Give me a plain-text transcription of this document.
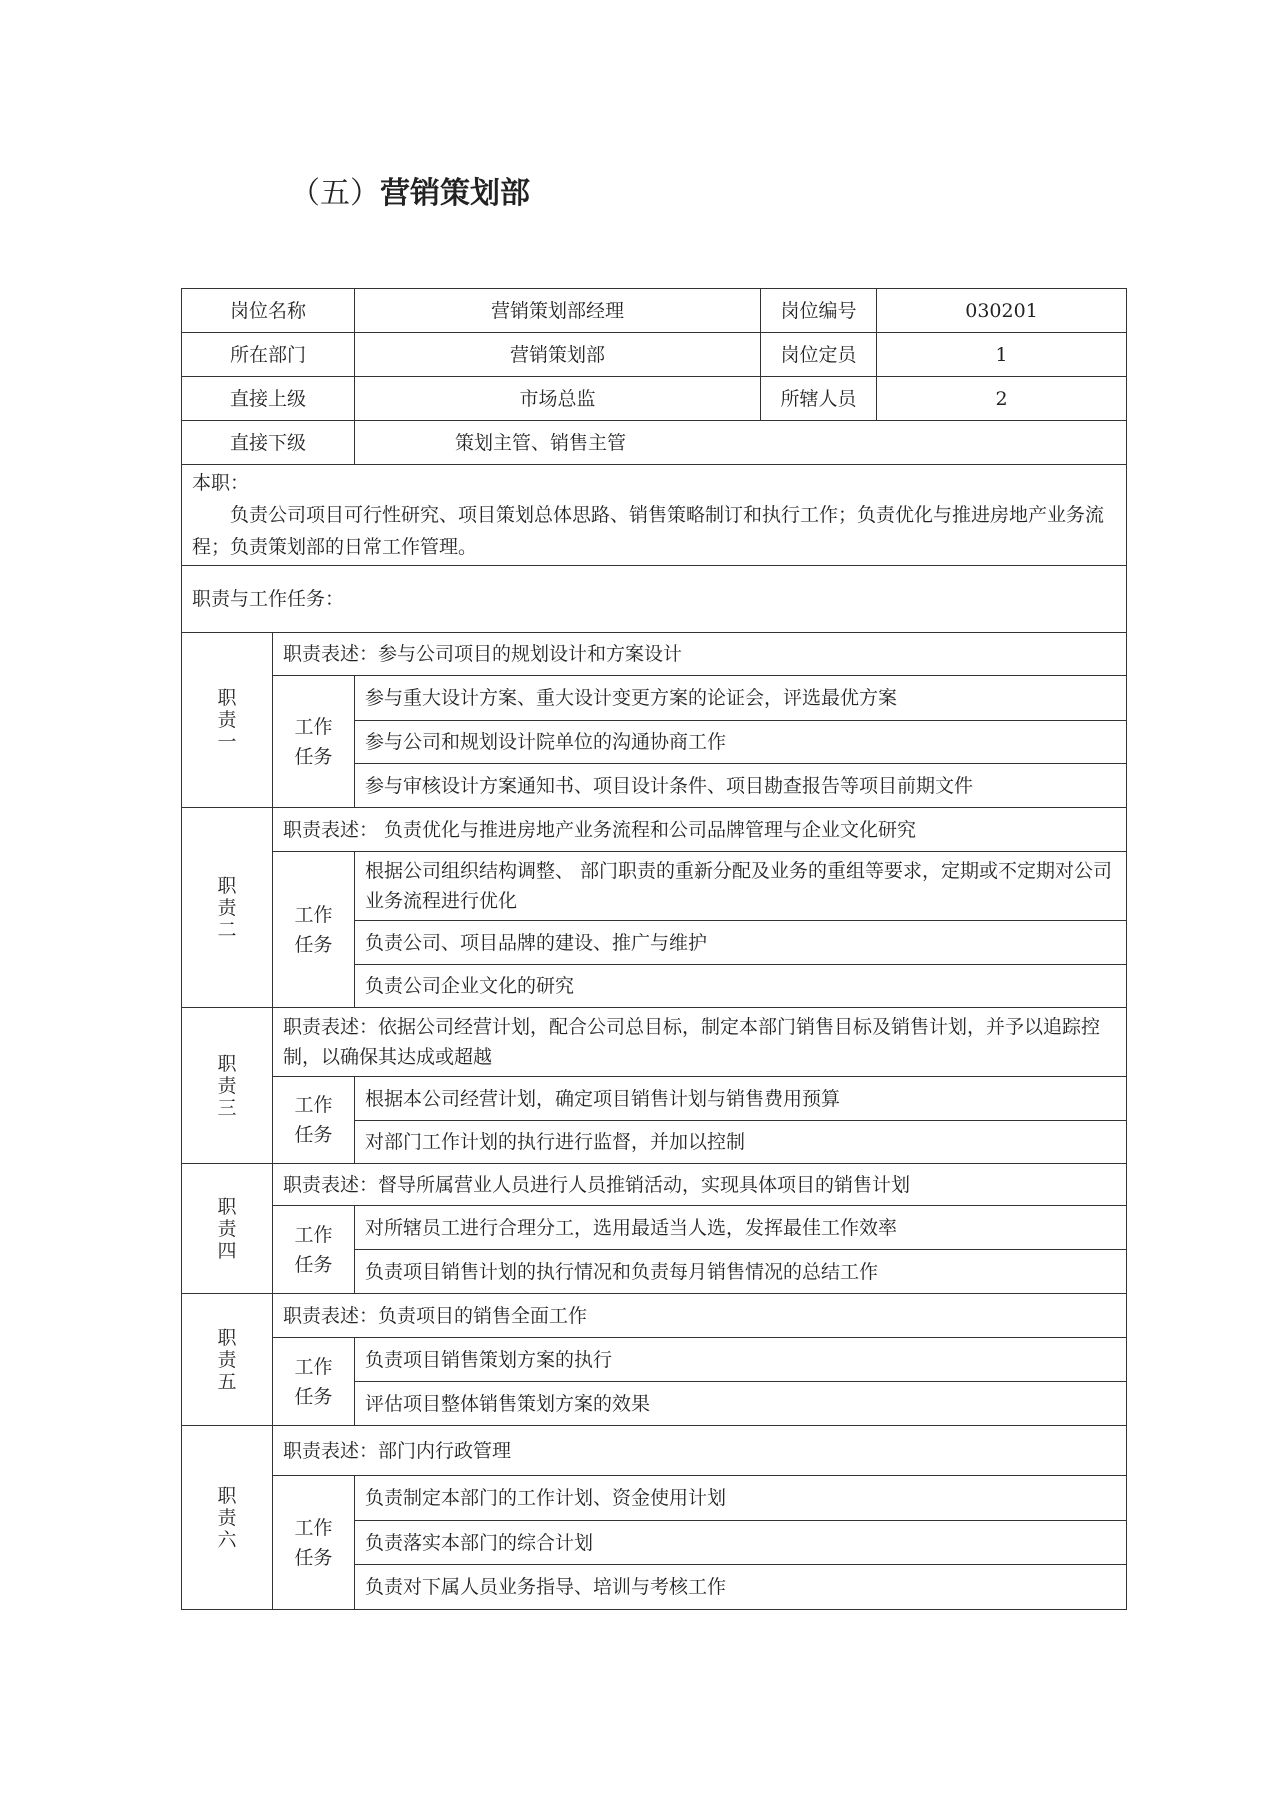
（五）营销策划部
岗位名称		营销策划部经理	岗位编号	030201
所在部门		营销策划部	岗位定员	1
直接上级		市场总监	所辖人员	2
直接下级		策划主管、销售主管		

本职：
负责公司项目可行性研究、项目策划总体思路、销售策略制订和执行工作；负责优化与推进房地产业务流程；负责策划部的日常工作管理。				

职责与工作任务：				

职责一	职责表述：参与公司项目的规划设计和方案设计			

	工作任务	参与重大设计方案、重大设计变更方案的论证会，评选最优方案		
		参与公司和规划设计院单位的沟通协商工作		
		参与审核设计方案通知书、项目设计条件、项目勘查报告等项目前期文件		

职责二	职责表述： 负责优化与推进房地产业务流程和公司品牌管理与企业文化研究			

	工作任务	根据公司组织结构调整、 部门职责的重新分配及业务的重组等要求，定期或不定期对公司业务流程进行优化		
		负责公司、项目品牌的建设、推广与维护		
		负责公司企业文化的研究		

职责三	职责表述：依据公司经营计划，配合公司总目标，制定本部门销售目标及销售计划，并予以追踪控制，以确保其达成或超越			

	工作任务	根据本公司经营计划，确定项目销售计划与销售费用预算		
		对部门工作计划的执行进行监督，并加以控制		

职责四	职责表述：督导所属营业人员进行人员推销活动，实现具体项目的销售计划			

	工作任务	对所辖员工进行合理分工，选用最适当人选，发挥最佳工作效率		
		负责项目销售计划的执行情况和负责每月销售情况的总结工作		

职责五	职责表述：负责项目的销售全面工作			

	工作任务	负责项目销售策划方案的执行		
		评估项目整体销售策划方案的效果		

职责六	职责表述：部门内行政管理			

	工作任务	负责制定本部门的工作计划、资金使用计划		
		负责落实本部门的综合计划		
		负责对下属人员业务指导、培训与考核工作		
